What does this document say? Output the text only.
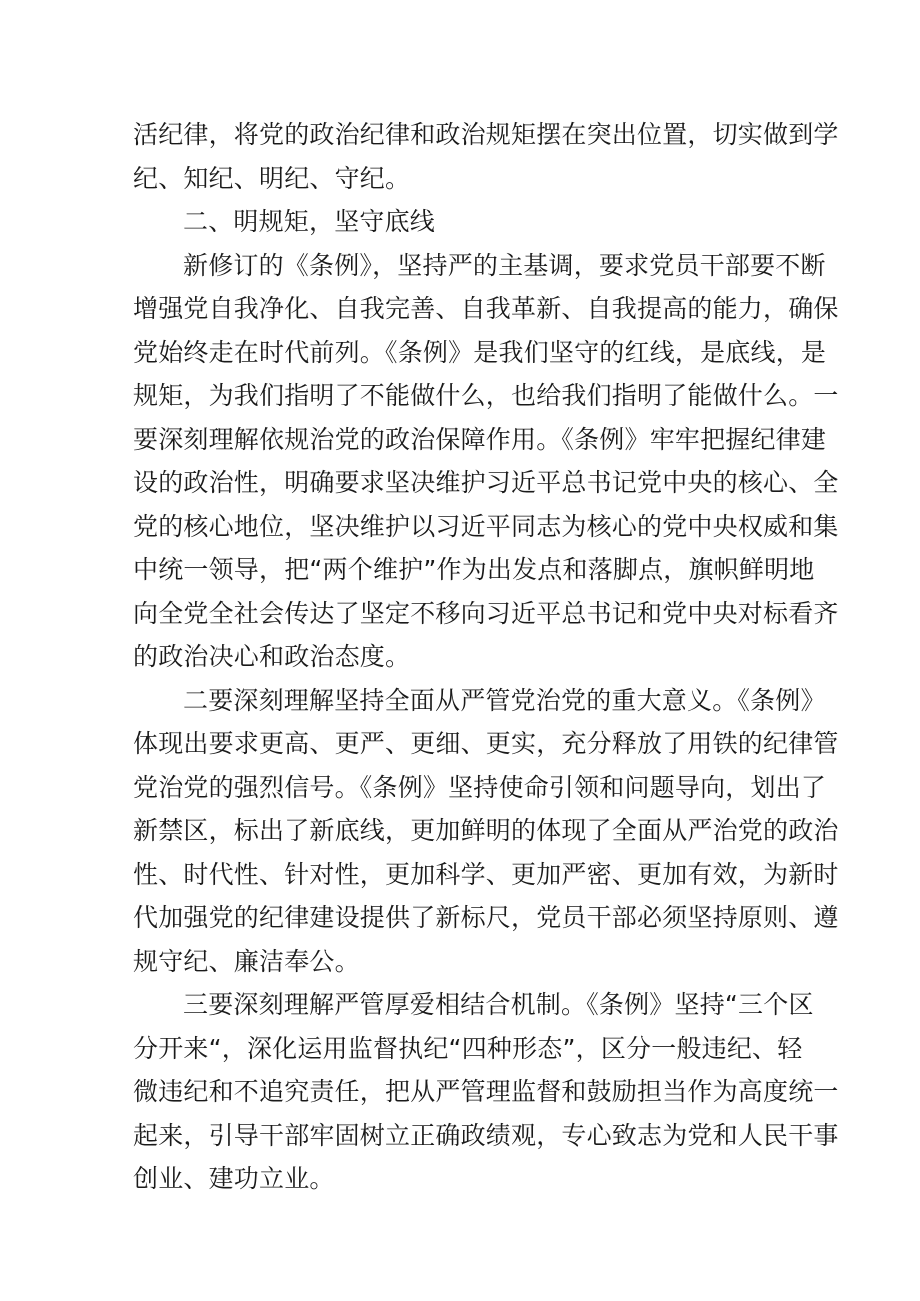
活纪律，将党的政治纪律和政治规矩摆在突出位置，切实做到学
纪、知纪、明纪、守纪。
二、明规矩，坚守底线
新修订的《条例》，坚持严的主基调，要求党员干部要不断
增强党自我净化、自我完善、自我革新、自我提高的能力，确保
党始终走在时代前列。《条例》是我们坚守的红线，是底线，是
规矩，为我们指明了不能做什么，也给我们指明了能做什么。一
要深刻理解依规治党的政治保障作用。《条例》牢牢把握纪律建
设的政治性，明确要求坚决维护习近平总书记党中央的核心、全
党的核心地位，坚决维护以习近平同志为核心的党中央权威和集
中统一领导，把“两个维护”作为出发点和落脚点，旗帜鲜明地
向全党全社会传达了坚定不移向习近平总书记和党中央对标看齐
的政治决心和政治态度。
二要深刻理解坚持全面从严管党治党的重大意义。《条例》
体现出要求更高、更严、更细、更实，充分释放了用铁的纪律管
党治党的强烈信号。《条例》坚持使命引领和问题导向，划出了
新禁区，标出了新底线，更加鲜明的体现了全面从严治党的政治
性、时代性、针对性，更加科学、更加严密、更加有效，为新时
代加强党的纪律建设提供了新标尺，党员干部必须坚持原则、遵
规守纪、廉洁奉公。
三要深刻理解严管厚爱相结合机制。《条例》坚持“三个区
分开来“，深化运用监督执纪“四种形态”，区分一般违纪、轻
微违纪和不追究责任，把从严管理监督和鼓励担当作为高度统一
起来，引导干部牢固树立正确政绩观，专心致志为党和人民干事
创业、建功立业。
